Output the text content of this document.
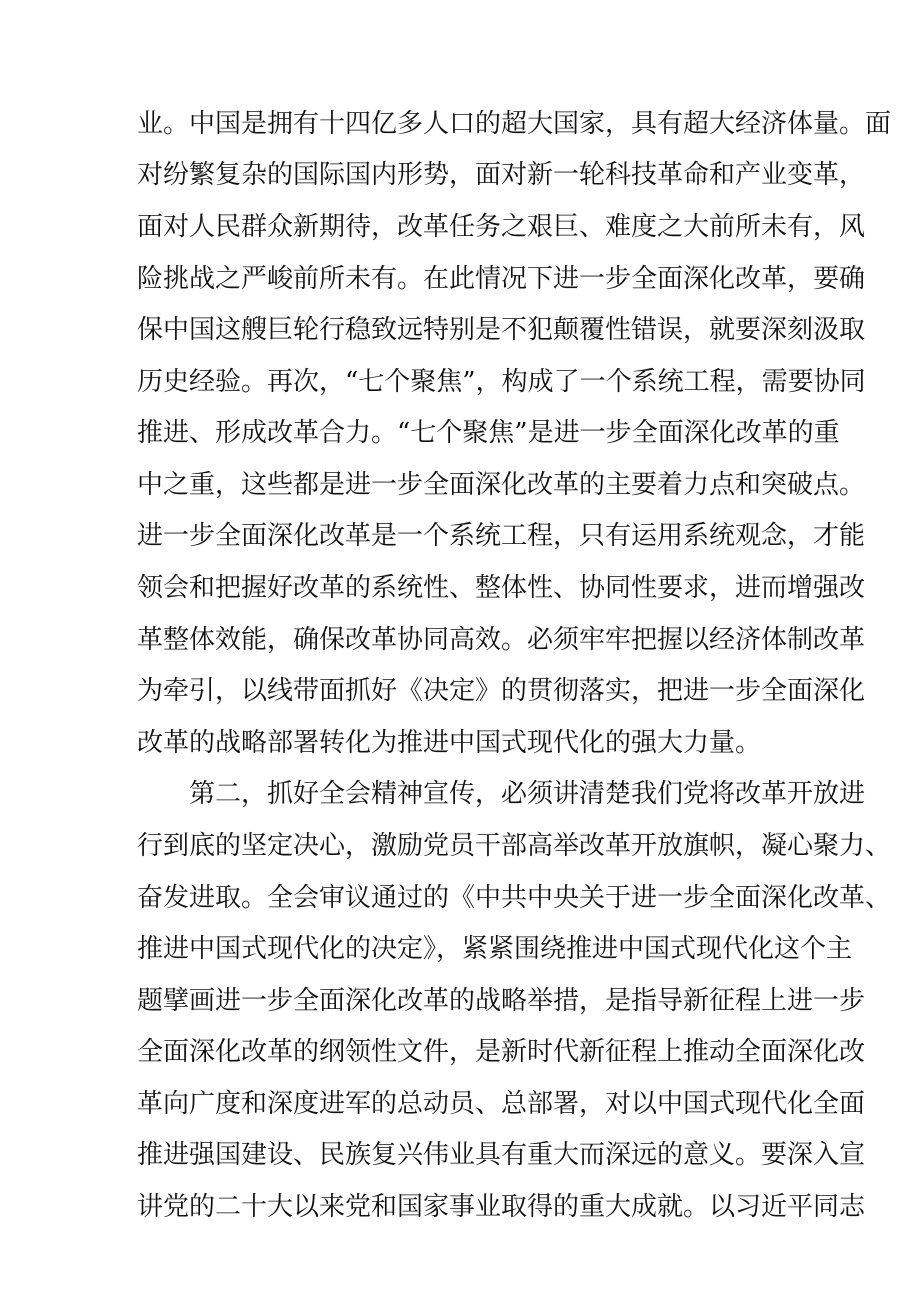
业。中国是拥有十四亿多人口的超大国家，具有超大经济体量。面
对纷繁复杂的国际国内形势，面对新一轮科技革命和产业变革，
面对人民群众新期待，改革任务之艰巨、难度之大前所未有，风
险挑战之严峻前所未有。在此情况下进一步全面深化改革，要确
保中国这艘巨轮行稳致远特别是不犯颠覆性错误，就要深刻汲取
历史经验。再次，“七个聚焦”，构成了一个系统工程，需要协同
推进、形成改革合力。“七个聚焦”是进一步全面深化改革的重
中之重，这些都是进一步全面深化改革的主要着力点和突破点。
进一步全面深化改革是一个系统工程，只有运用系统观念，才能
领会和把握好改革的系统性、整体性、协同性要求，进而增强改
革整体效能，确保改革协同高效。必须牢牢把握以经济体制改革
为牵引，以线带面抓好《决定》的贯彻落实，把进一步全面深化
改革的战略部署转化为推进中国式现代化的强大力量。
第二，抓好全会精神宣传，必须讲清楚我们党将改革开放进
行到底的坚定决心，激励党员干部高举改革开放旗帜，凝心聚力、
奋发进取。全会审议通过的《中共中央关于进一步全面深化改革、
推进中国式现代化的决定》，紧紧围绕推进中国式现代化这个主
题擘画进一步全面深化改革的战略举措，是指导新征程上进一步
全面深化改革的纲领性文件，是新时代新征程上推动全面深化改
革向广度和深度进军的总动员、总部署，对以中国式现代化全面
推进强国建设、民族复兴伟业具有重大而深远的意义。要深入宣
讲党的二十大以来党和国家事业取得的重大成就。以习近平同志
